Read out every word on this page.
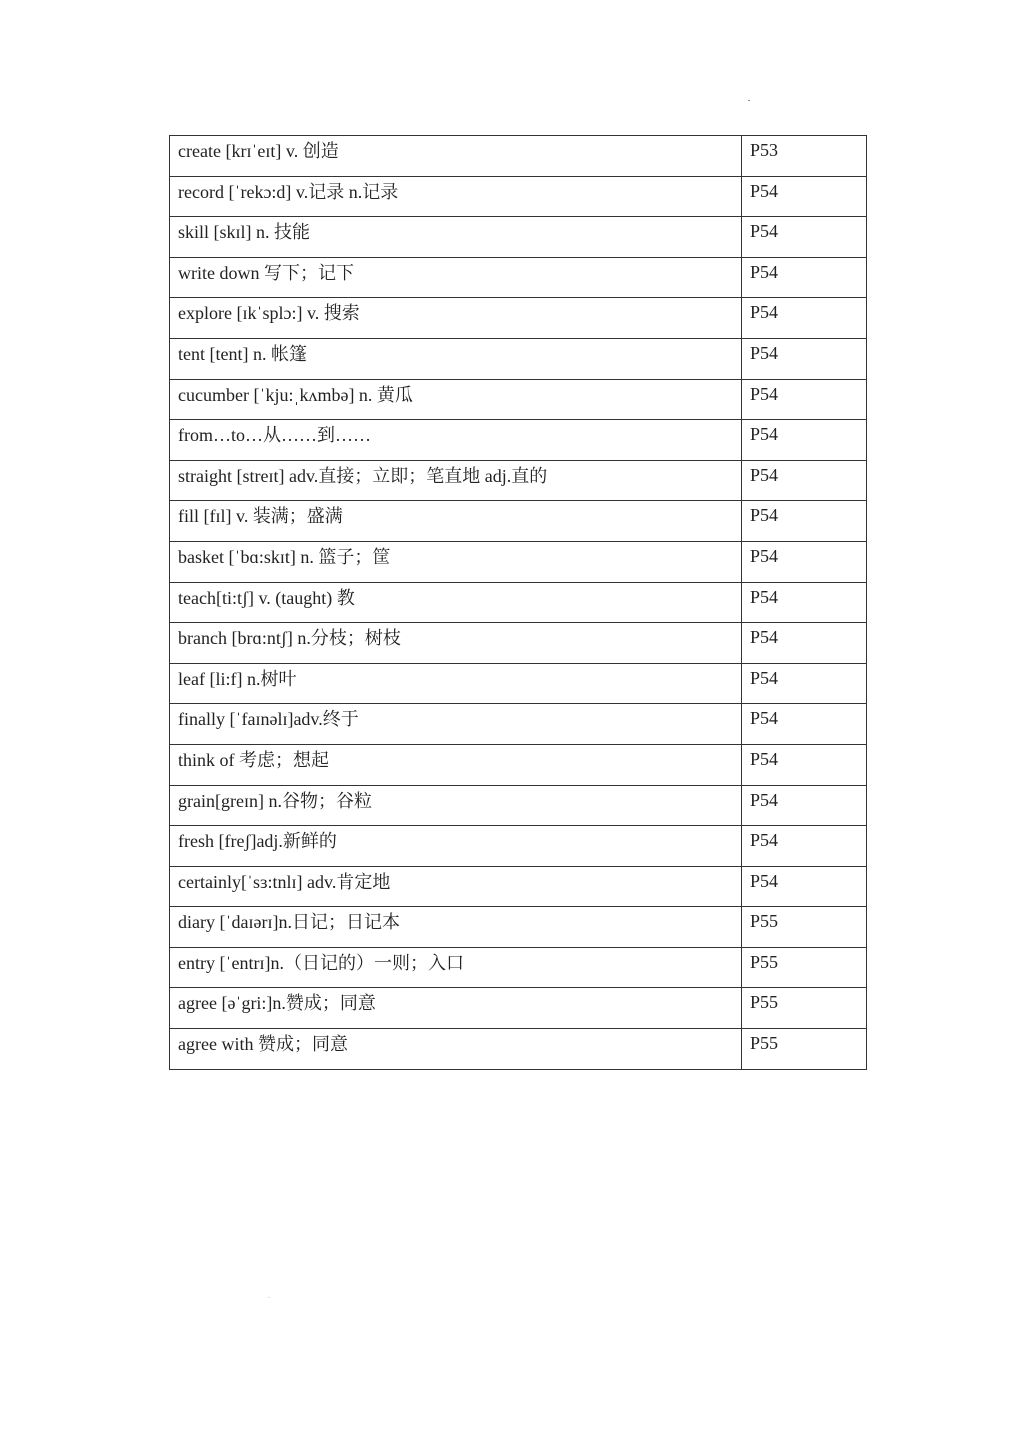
create [krɪˈeɪt] v. 创造	P53
record [ˈrekɔ:d] v.记录 n.记录	P54
skill [skɪl] n. 技能	P54
write down 写下；记下	P54
explore [ɪkˈsplɔ:] v. 搜索	P54
tent [tent] n. 帐篷	P54
cucumber [ˈkju:ˌkʌmbə] n. 黄瓜	P54
from…to…从……到……	P54
straight [streɪt] adv.直接；立即；笔直地 adj.直的	P54
fill [fɪl] v. 装满；盛满	P54
basket [ˈbɑ:skɪt] n. 篮子；筐	P54
teach[ti:tʃ] v. (taught) 教	P54
branch [brɑ:ntʃ] n.分枝；树枝	P54
leaf [li:f] n.树叶	P54
finally [ˈfaɪnəlɪ]adv.终于	P54
think of 考虑；想起	P54
grain[greɪn] n.谷物；谷粒	P54
fresh [freʃ]adj.新鲜的	P54
certainly[ˈsɜ:tnlɪ] adv.肯定地	P54
diary [ˈdaɪərɪ]n.日记；日记本	P55
entry [ˈentrɪ]n.（日记的）一则；入口	P55
agree [əˈgri:]n.赞成；同意	P55
agree with 赞成；同意	P55
